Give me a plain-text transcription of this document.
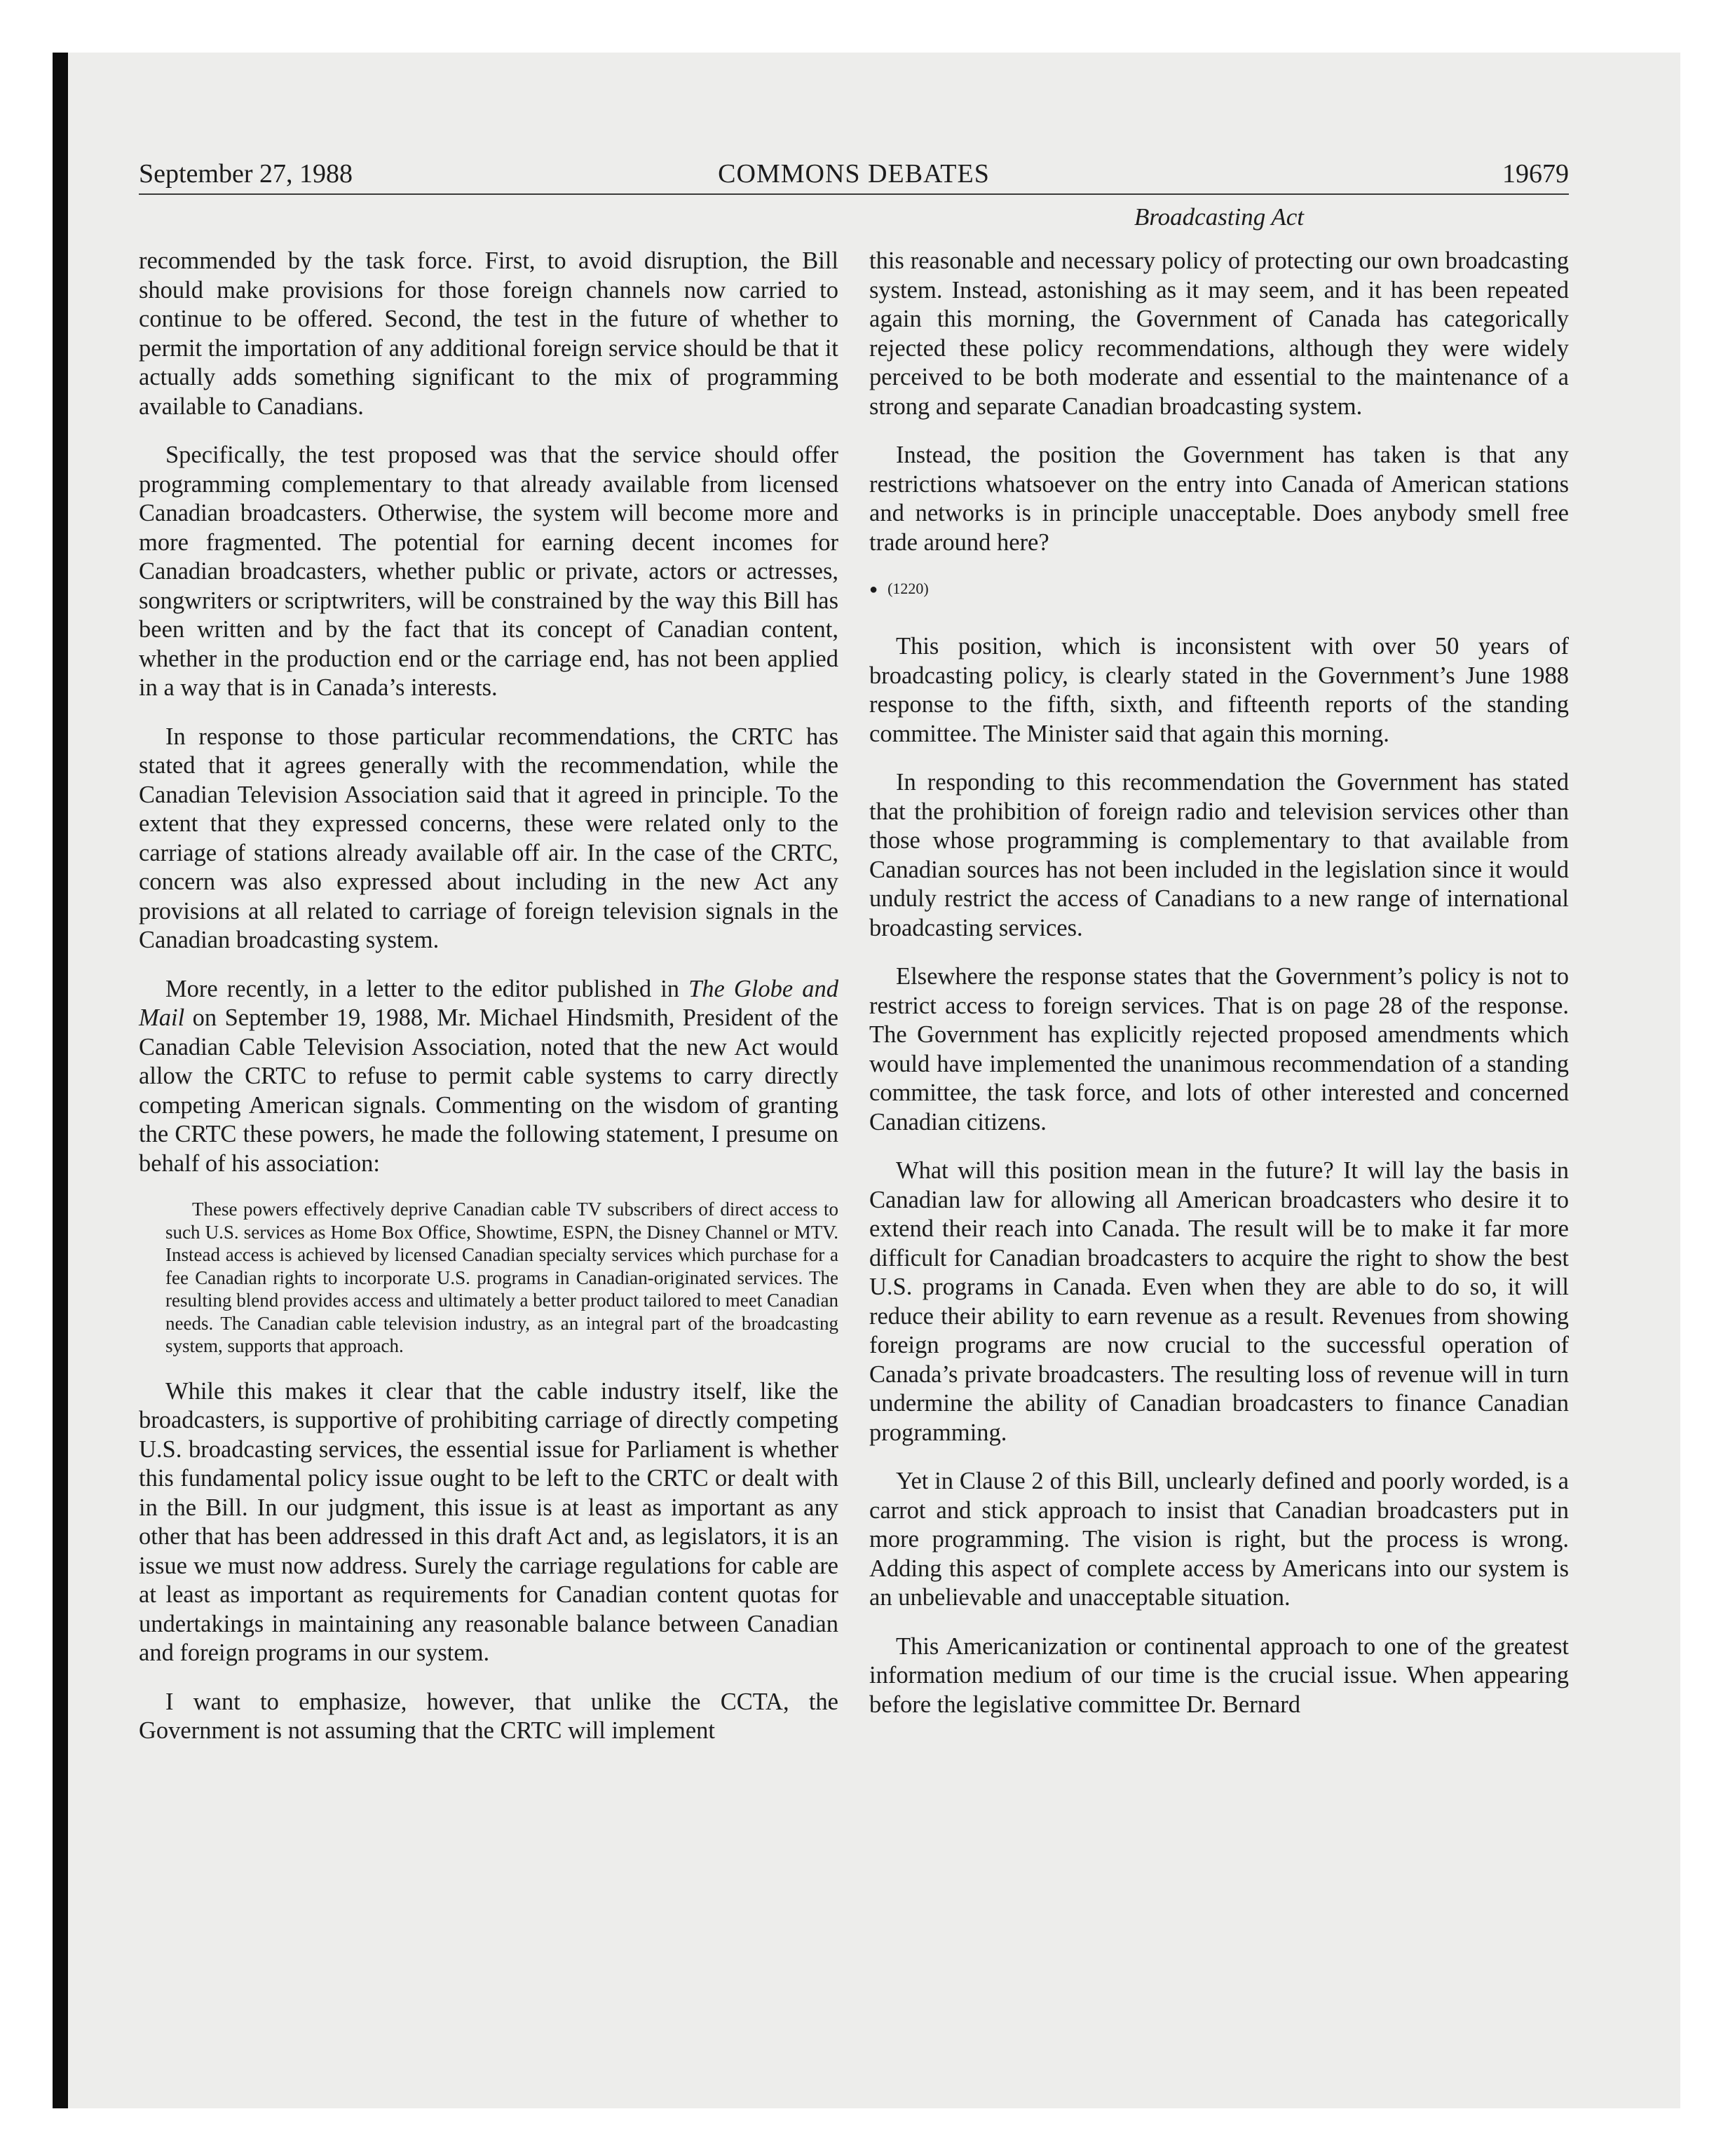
September 27, 1988	COMMONS DEBATES	19679
Broadcasting Act

recommended by the task force. First, to avoid disruption, the Bill should make provisions for those foreign channels now carried to continue to be offered. Second, the test in the future of whether to permit the importation of any additional foreign service should be that it actually adds something significant to the mix of programming available to Canadians.

Specifically, the test proposed was that the service should offer programming complementary to that already available from licensed Canadian broadcasters. Otherwise, the system will become more and more fragmented. The potential for earning decent incomes for Canadian broadcasters, whether public or private, actors or actresses, songwriters or scriptwriters, will be constrained by the way this Bill has been written and by the fact that its concept of Canadian content, whether in the production end or the carriage end, has not been applied in a way that is in Canada’s interests.

In response to those particular recommendations, the CRTC has stated that it agrees generally with the recommendation, while the Canadian Television Association said that it agreed in principle. To the extent that they expressed concerns, these were related only to the carriage of stations already available off air. In the case of the CRTC, concern was also expressed about including in the new Act any provisions at all related to carriage of foreign television signals in the Canadian broadcasting system.

More recently, in a letter to the editor published in The Globe and Mail on September 19, 1988, Mr. Michael Hindsmith, President of the Canadian Cable Television Association, noted that the new Act would allow the CRTC to refuse to permit cable systems to carry directly competing American signals. Commenting on the wisdom of granting the CRTC these powers, he made the following statement, I presume on behalf of his association:

These powers effectively deprive Canadian cable TV subscribers of direct access to such U.S. services as Home Box Office, Showtime, ESPN, the Disney Channel or MTV. Instead access is achieved by licensed Canadian specialty services which purchase for a fee Canadian rights to incorporate U.S. programs in Canadian-originated services. The resulting blend provides access and ultimately a better product tailored to meet Canadian needs. The Canadian cable television industry, as an integral part of the broadcasting system, supports that approach.

While this makes it clear that the cable industry itself, like the broadcasters, is supportive of prohibiting carriage of directly competing U.S. broadcasting services, the essential issue for Parliament is whether this fundamental policy issue ought to be left to the CRTC or dealt with in the Bill. In our judgment, this issue is at least as important as any other that has been addressed in this draft Act and, as legislators, it is an issue we must now address. Surely the carriage regulations for cable are at least as important as requirements for Canadian content quotas for undertakings in maintaining any reasonable balance between Canadian and foreign programs in our system.

I want to emphasize, however, that unlike the CCTA, the Government is not assuming that the CRTC will implement

this reasonable and necessary policy of protecting our own broadcasting system. Instead, astonishing as it may seem, and it has been repeated again this morning, the Government of Canada has categorically rejected these policy recommendations, although they were widely perceived to be both moderate and essential to the maintenance of a strong and separate Canadian broadcasting system.

Instead, the position the Government has taken is that any restrictions whatsoever on the entry into Canada of American stations and networks is in principle unacceptable. Does anybody smell free trade around here?

● (1220)

This position, which is inconsistent with over 50 years of broadcasting policy, is clearly stated in the Government’s June 1988 response to the fifth, sixth, and fifteenth reports of the standing committee. The Minister said that again this morning.

In responding to this recommendation the Government has stated that the prohibition of foreign radio and television services other than those whose programming is complementary to that available from Canadian sources has not been included in the legislation since it would unduly restrict the access of Canadians to a new range of international broadcasting services.

Elsewhere the response states that the Government’s policy is not to restrict access to foreign services. That is on page 28 of the response. The Government has explicitly rejected proposed amendments which would have implemented the unanimous recommendation of a standing committee, the task force, and lots of other interested and concerned Canadian citizens.

What will this position mean in the future? It will lay the basis in Canadian law for allowing all American broadcasters who desire it to extend their reach into Canada. The result will be to make it far more difficult for Canadian broadcasters to acquire the right to show the best U.S. programs in Canada. Even when they are able to do so, it will reduce their ability to earn revenue as a result. Revenues from showing foreign programs are now crucial to the successful operation of Canada’s private broadcasters. The resulting loss of revenue will in turn undermine the ability of Canadian broadcasters to finance Canadian programming.

Yet in Clause 2 of this Bill, unclearly defined and poorly worded, is a carrot and stick approach to insist that Canadian broadcasters put in more programming. The vision is right, but the process is wrong. Adding this aspect of complete access by Americans into our system is an unbelievable and unacceptable situation.

This Americanization or continental approach to one of the greatest information medium of our time is the crucial issue. When appearing before the legislative committee Dr. Bernard
